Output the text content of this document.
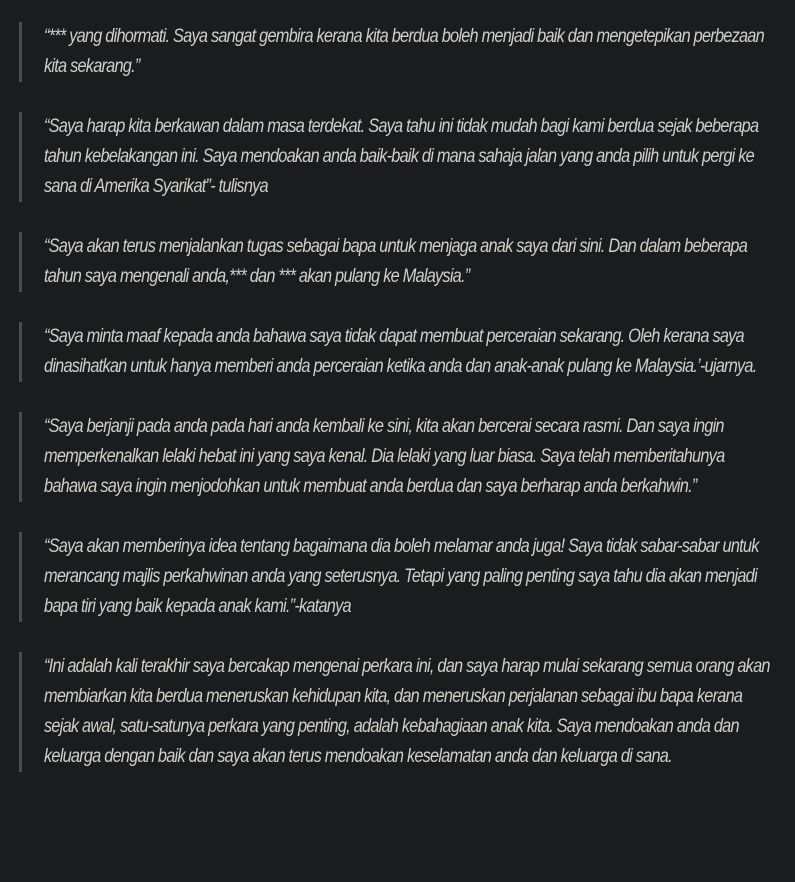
“*** yang dihormati. Saya sangat gembira kerana kita berdua boleh menjadi baik dan mengetepikan perbezaan kita sekarang.”

“Saya harap kita berkawan dalam masa terdekat. Saya tahu ini tidak mudah bagi kami berdua sejak beberapa tahun kebelakangan ini. Saya mendoakan anda baik-baik di mana sahaja jalan yang anda pilih untuk pergi ke sana di Amerika Syarikat”- tulisnya

“Saya akan terus menjalankan tugas sebagai bapa untuk menjaga anak saya dari sini. Dan dalam beberapa tahun saya mengenali anda,*** dan *** akan pulang ke Malaysia.”

“Saya minta maaf kepada anda bahawa saya tidak dapat membuat perceraian sekarang. Oleh kerana saya dinasihatkan untuk hanya memberi anda perceraian ketika anda dan anak-anak pulang ke Malaysia.’-ujarnya.

“Saya berjanji pada anda pada hari anda kembali ke sini, kita akan bercerai secara rasmi. Dan saya ingin memperkenalkan lelaki hebat ini yang saya kenal. Dia lelaki yang luar biasa. Saya telah memberitahunya bahawa saya ingin menjodohkan untuk membuat anda berdua dan saya berharap anda berkahwin.”

“Saya akan memberinya idea tentang bagaimana dia boleh melamar anda juga! Saya tidak sabar-sabar untuk merancang majlis perkahwinan anda yang seterusnya. Tetapi yang paling penting saya tahu dia akan menjadi bapa tiri yang baik kepada anak kami.”-katanya

“Ini adalah kali terakhir saya bercakap mengenai perkara ini, dan saya harap mulai sekarang semua orang akan membiarkan kita berdua meneruskan kehidupan kita, dan meneruskan perjalanan sebagai ibu bapa kerana sejak awal, satu-satunya perkara yang penting, adalah kebahagiaan anak kita. Saya mendoakan anda dan keluarga dengan baik dan saya akan terus mendoakan keselamatan anda dan keluarga di sana.
